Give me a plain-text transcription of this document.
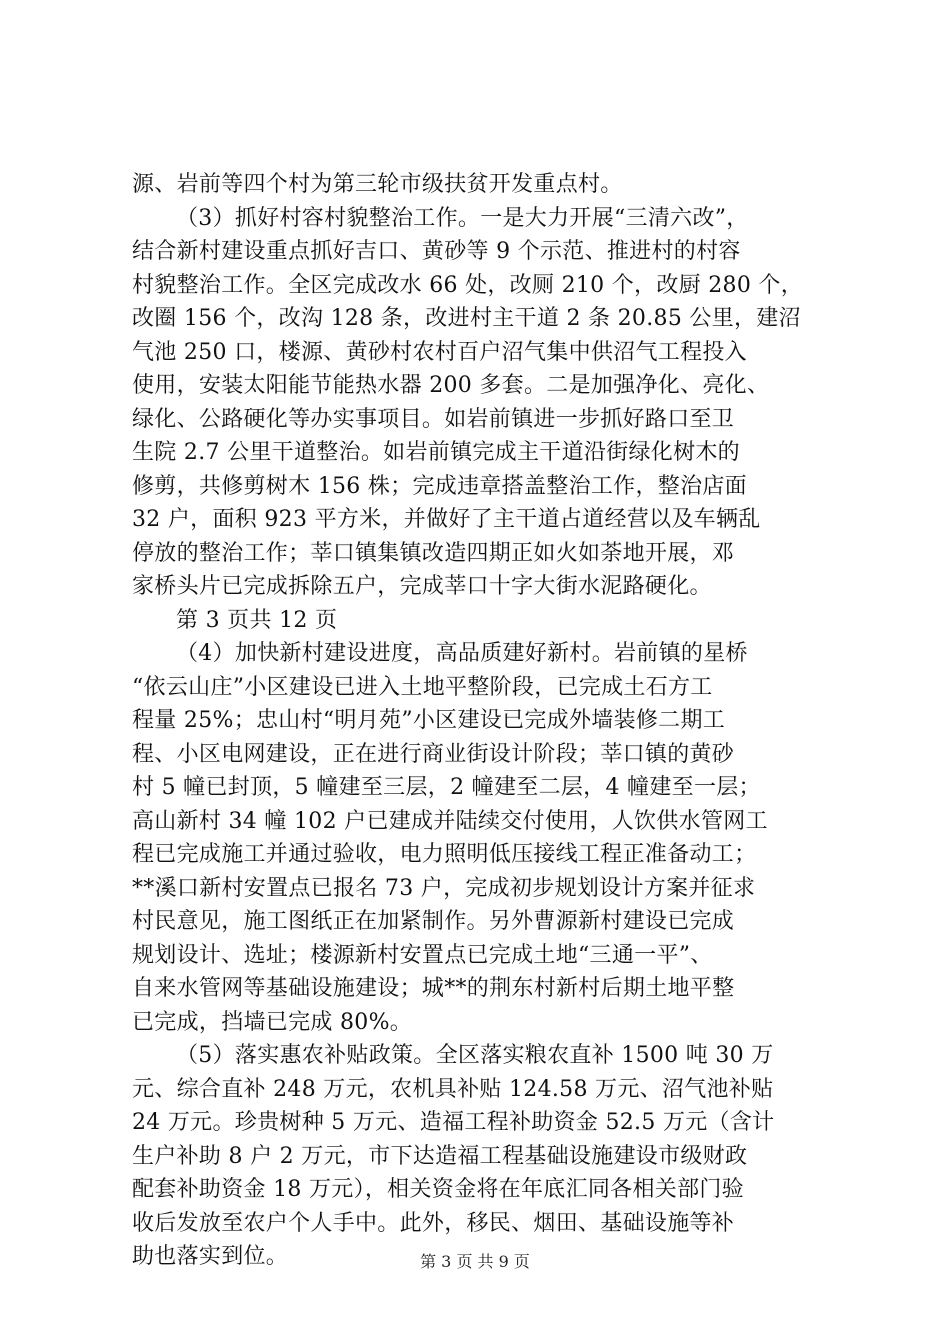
源、岩前等四个村为第三轮市级扶贫开发重点村。
（3）抓好村容村貌整治工作。一是大力开展“三清六改”，
结合新村建设重点抓好吉口、黄砂等 9 个示范、推进村的村容
村貌整治工作。全区完成改水 66 处，改厕 210 个，改厨 280 个，
改圈 156 个，改沟 128 条，改进村主干道 2 条 20.85 公里，建沼
气池 250 口，楼源、黄砂村农村百户沼气集中供沼气工程投入
使用，安装太阳能节能热水器 200 多套。二是加强净化、亮化、
绿化、公路硬化等办实事项目。如岩前镇进一步抓好路口至卫
生院 2.7 公里干道整治。如岩前镇完成主干道沿街绿化树木的
修剪，共修剪树木 156 株；完成违章搭盖整治工作，整治店面
32 户，面积 923 平方米，并做好了主干道占道经营以及车辆乱
停放的整治工作；莘口镇集镇改造四期正如火如荼地开展，邓
家桥头片已完成拆除五户，完成莘口十字大街水泥路硬化。
第 3 页共 12 页
（4）加快新村建设进度，高品质建好新村。岩前镇的星桥
“依云山庄”小区建设已进入土地平整阶段，已完成土石方工
程量 25%；忠山村“明月苑”小区建设已完成外墙装修二期工
程、小区电网建设，正在进行商业街设计阶段；莘口镇的黄砂
村 5 幢已封顶，5 幢建至三层，2 幢建至二层，4 幢建至一层；
高山新村 34 幢 102 户已建成并陆续交付使用，人饮供水管网工
程已完成施工并通过验收，电力照明低压接线工程正准备动工；
**溪口新村安置点已报名 73 户，完成初步规划设计方案并征求
村民意见，施工图纸正在加紧制作。另外曹源新村建设已完成
规划设计、选址；楼源新村安置点已完成土地“三通一平”、
自来水管网等基础设施建设；城**的荆东村新村后期土地平整
已完成，挡墙已完成 80%。
（5）落实惠农补贴政策。全区落实粮农直补 1500 吨 30 万
元、综合直补 248 万元，农机具补贴 124.58 万元、沼气池补贴
24 万元。珍贵树种 5 万元、造福工程补助资金 52.5 万元（含计
生户补助 8 户 2 万元，市下达造福工程基础设施建设市级财政
配套补助资金 18 万元），相关资金将在年底汇同各相关部门验
收后发放至农户个人手中。此外，移民、烟田、基础设施等补
助也落实到位。	第 3 页 共 9 页
